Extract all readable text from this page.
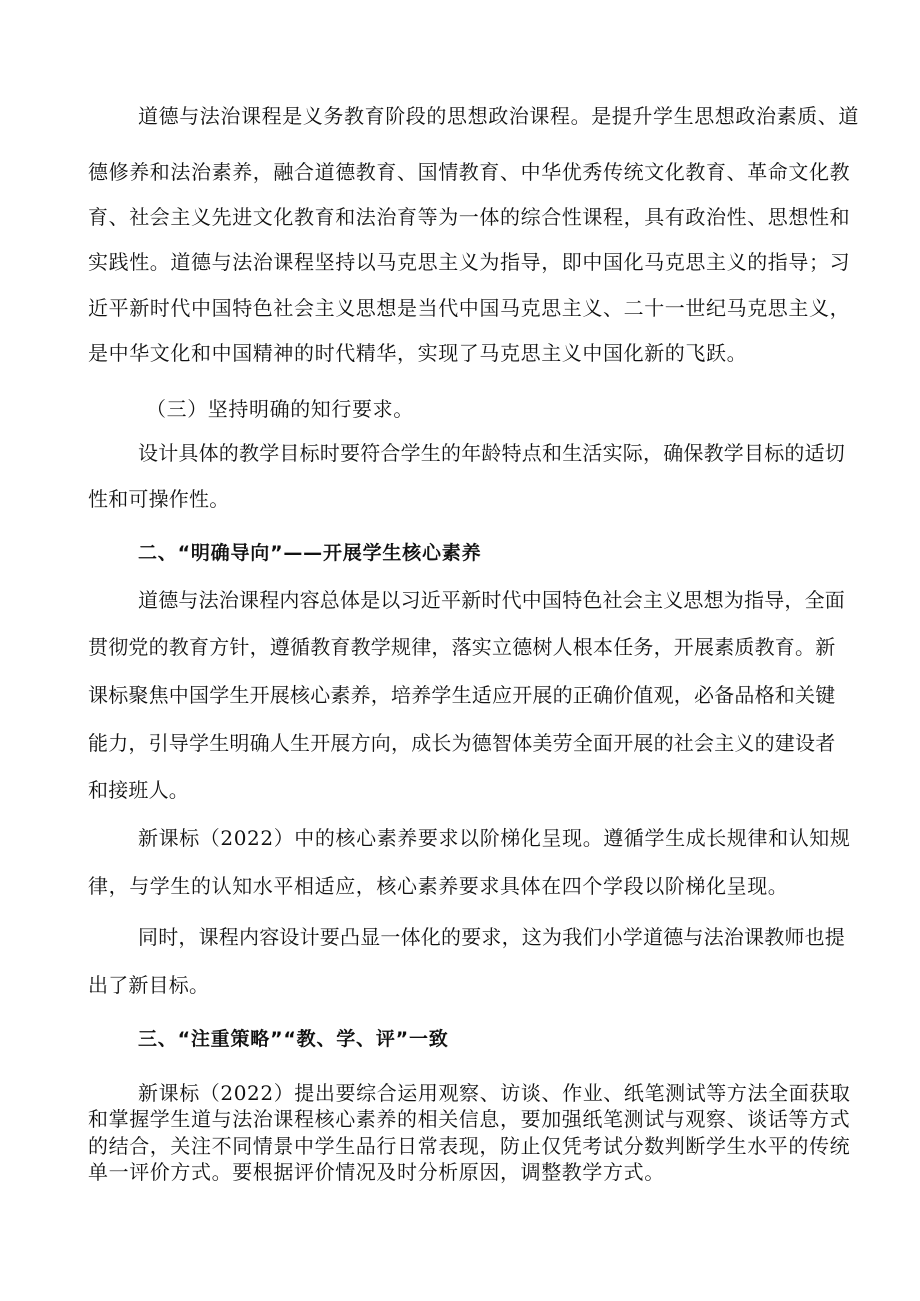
道德与法治课程是义务教育阶段的思想政治课程。是提升学生思想政治素质、道
德修养和法治素养，融合道德教育、国情教育、中华优秀传统文化教育、革命文化教
育、社会主义先进文化教育和法治育等为一体的综合性课程，具有政治性、思想性和
实践性。道德与法治课程坚持以马克思主义为指导，即中国化马克思主义的指导；习
近平新时代中国特色社会主义思想是当代中国马克思主义、二十一世纪马克思主义，
是中华文化和中国精神的时代精华，实现了马克思主义中国化新的飞跃。
（三）坚持明确的知行要求。
设计具体的教学目标时要符合学生的年龄特点和生活实际，确保教学目标的适切
性和可操作性。
二、“明确导向”——开展学生核心素养
道德与法治课程内容总体是以习近平新时代中国特色社会主义思想为指导，全面
贯彻党的教育方针，遵循教育教学规律，落实立德树人根本任务，开展素质教育。新
课标聚焦中国学生开展核心素养，培养学生适应开展的正确价值观，必备品格和关键
能力，引导学生明确人生开展方向，成长为德智体美劳全面开展的社会主义的建设者
和接班人。
新课标（2022）中的核心素养要求以阶梯化呈现。遵循学生成长规律和认知规
律，与学生的认知水平相适应，核心素养要求具体在四个学段以阶梯化呈现。
同时，课程内容设计要凸显一体化的要求，这为我们小学道德与法治课教师也提
出了新目标。
三、“注重策略”“教、学、评”一致
新课标（2022）提出要综合运用观察、访谈、作业、纸笔测试等方法全面获取
和掌握学生道与法治课程核心素养的相关信息，要加强纸笔测试与观察、谈话等方式
的结合，关注不同情景中学生品行日常表现，防止仅凭考试分数判断学生水平的传统
单一评价方式。要根据评价情况及时分析原因，调整教学方式。
